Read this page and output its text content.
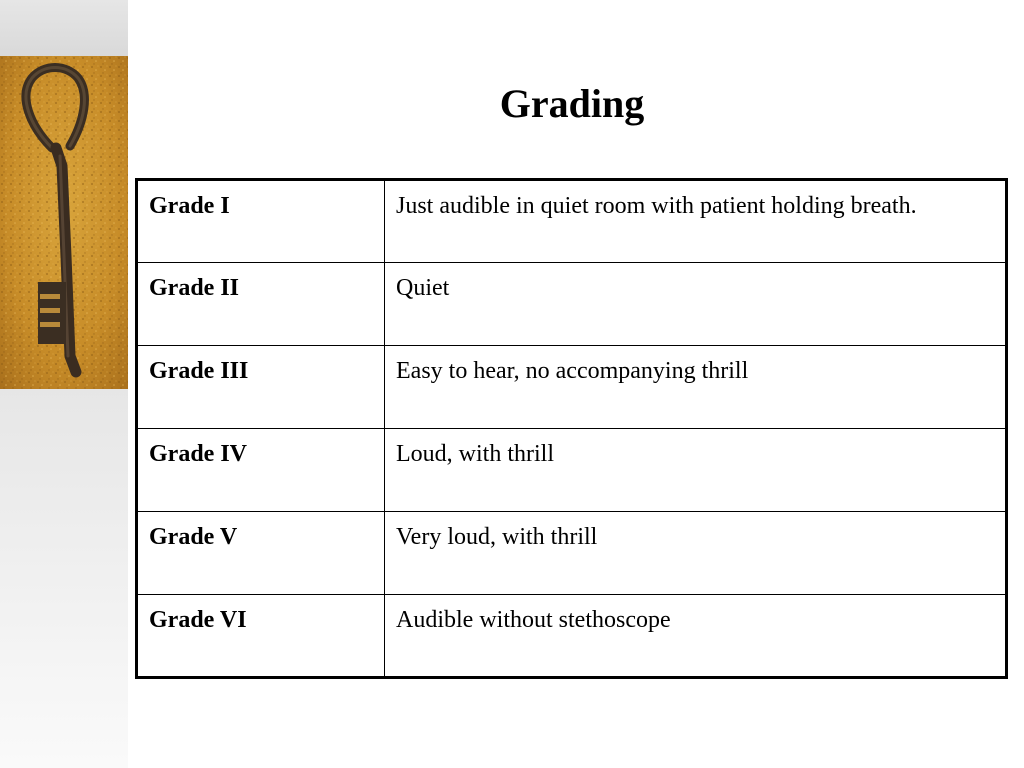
Grading
Grade I	Just audible in quiet room with patient holding breath.
Grade II	Quiet
Grade III	Easy to hear, no accompanying thrill
Grade IV	Loud, with thrill
Grade V	Very loud, with thrill
Grade VI	Audible without stethoscope
